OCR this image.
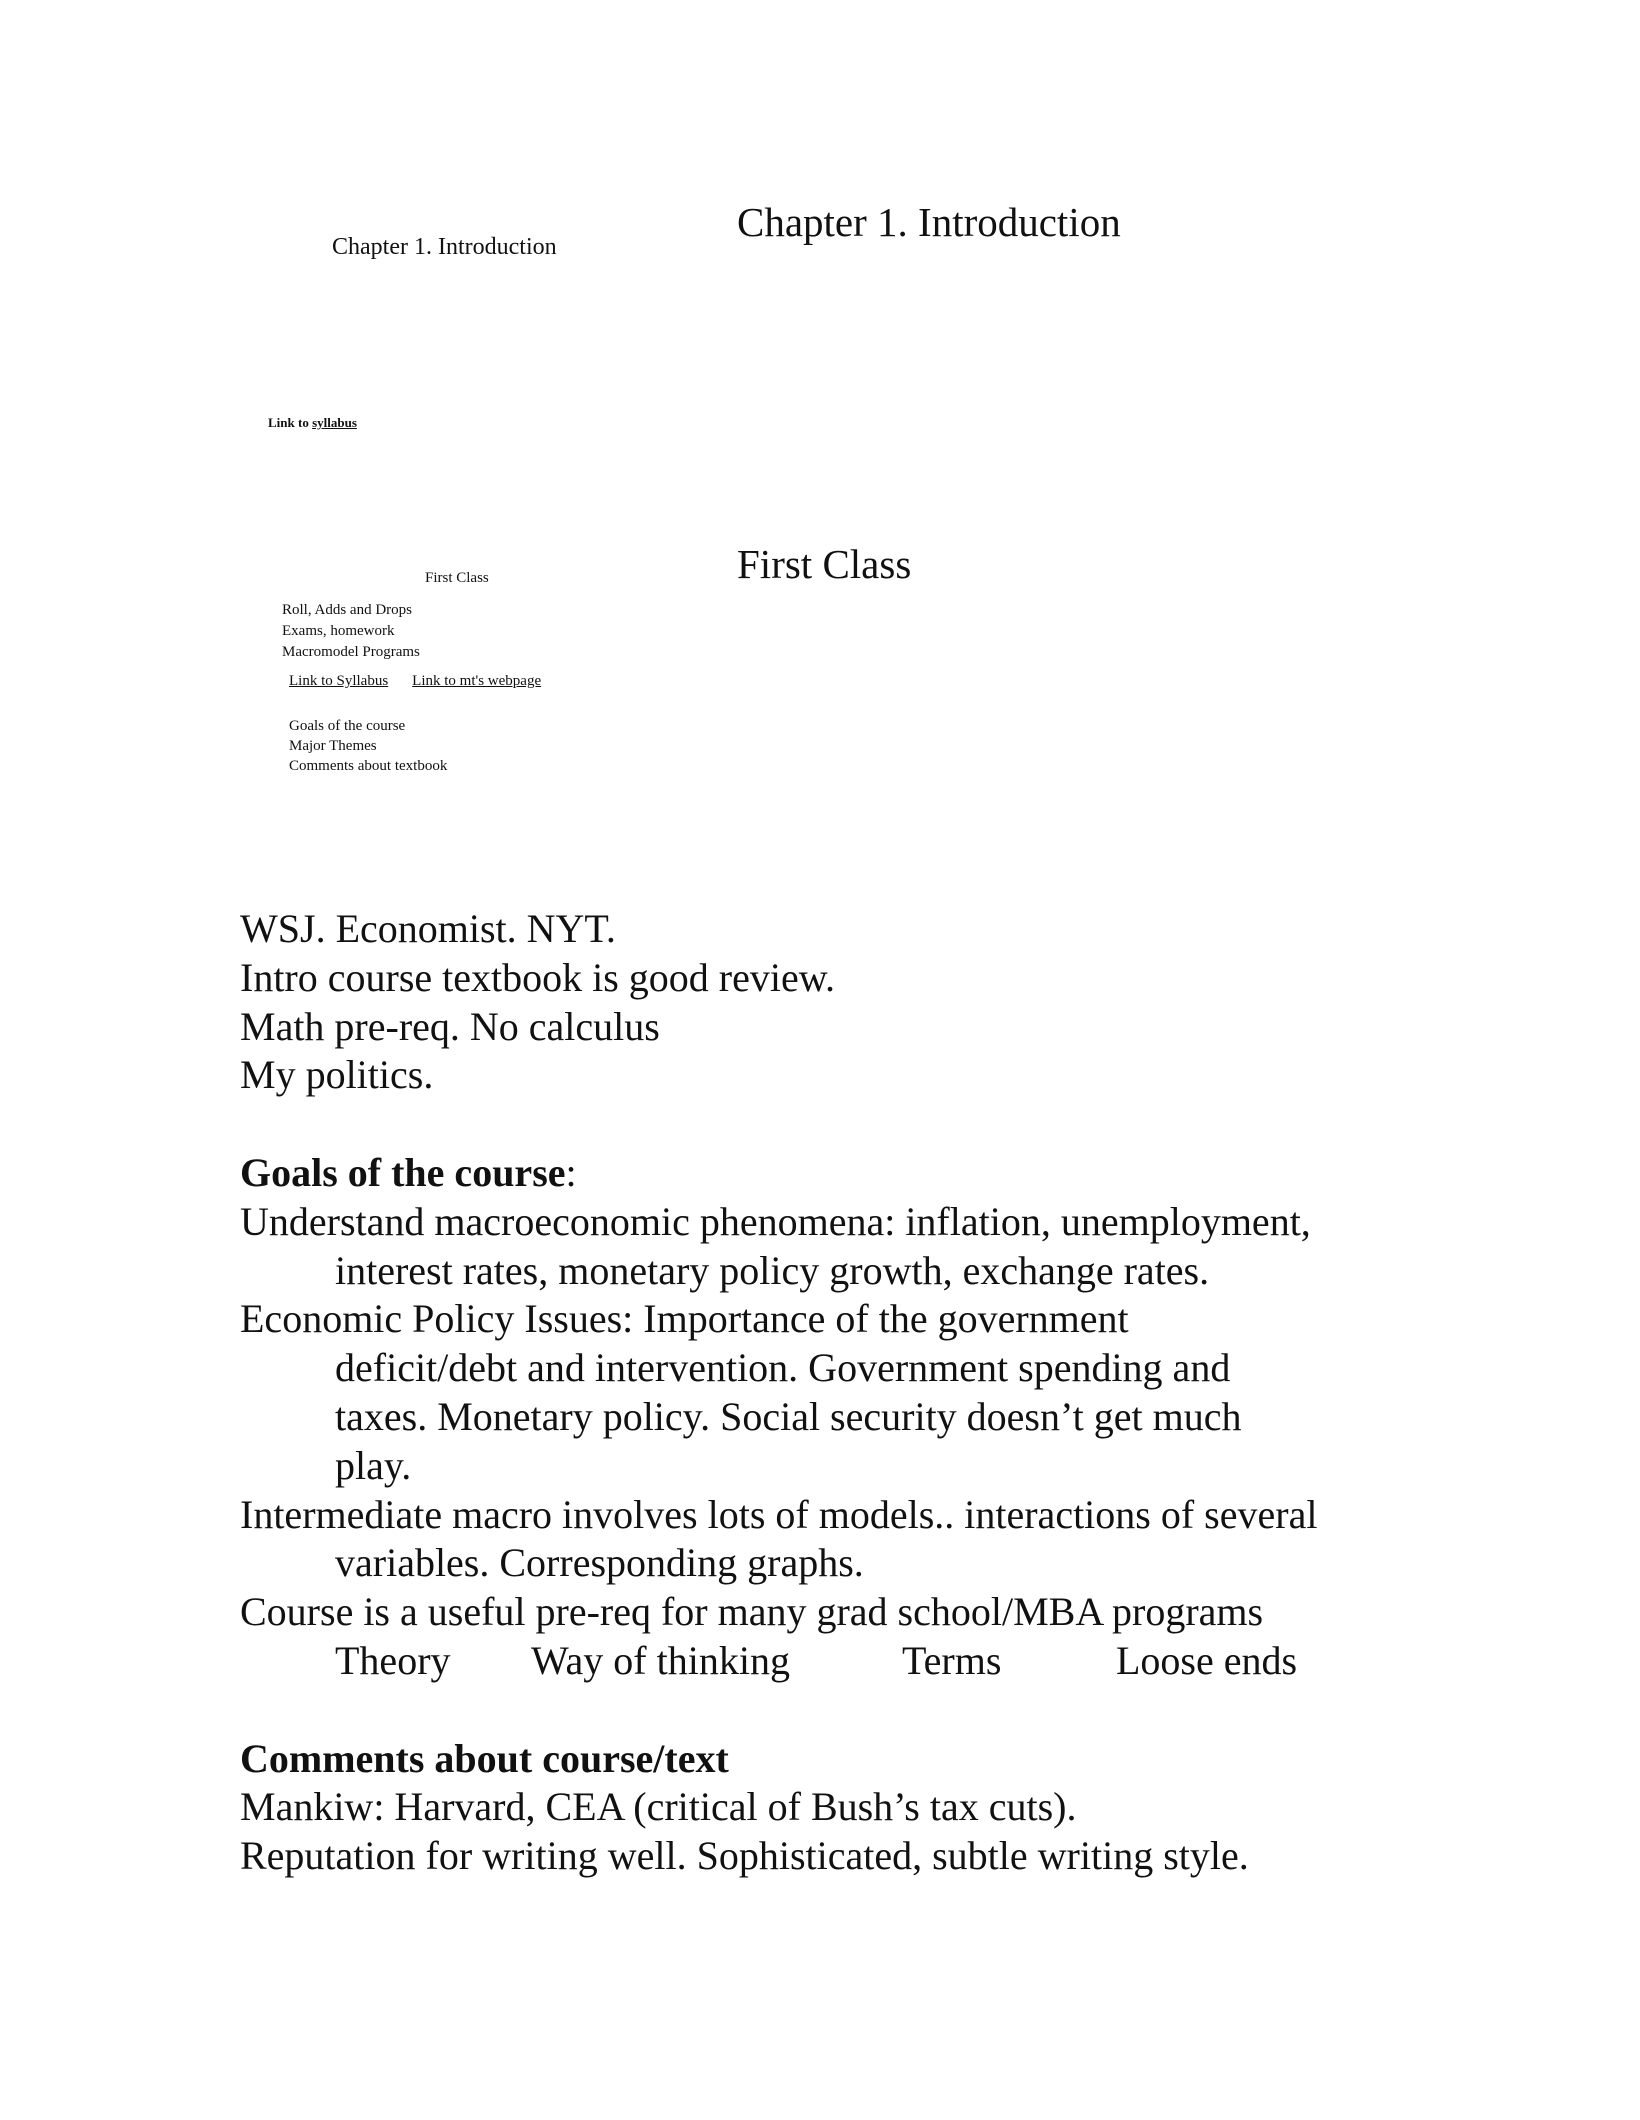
Chapter 1. Introduction
Link to syllabus
Chapter 1. Introduction
First Class
First Class
Roll, Adds and Drops
Exams, homework
Macromodel Programs
Link to Syllabus Link to mt's webpage
Goals of the course
Major Themes
Comments about textbook
WSJ. Economist. NYT.
Intro course textbook is good review.
Math pre-req. No calculus
My politics.
Goals of the course:
Understand macroeconomic phenomena: inflation, unemployment,
interest rates, monetary policy growth, exchange rates.
Economic Policy Issues: Importance of the government
deficit/debt and intervention. Government spending and
taxes. Monetary policy. Social security doesn’t get much
play.
Intermediate macro involves lots of models.. interactions of several
variables. Corresponding graphs.
Course is a useful pre-req for many grad school/MBA programs
Theory Way of thinking	Terms	Loose ends
Comments about course/text
Mankiw: Harvard, CEA (critical of Bush’s tax cuts).
Reputation for writing well. Sophisticated, subtle writing style.
